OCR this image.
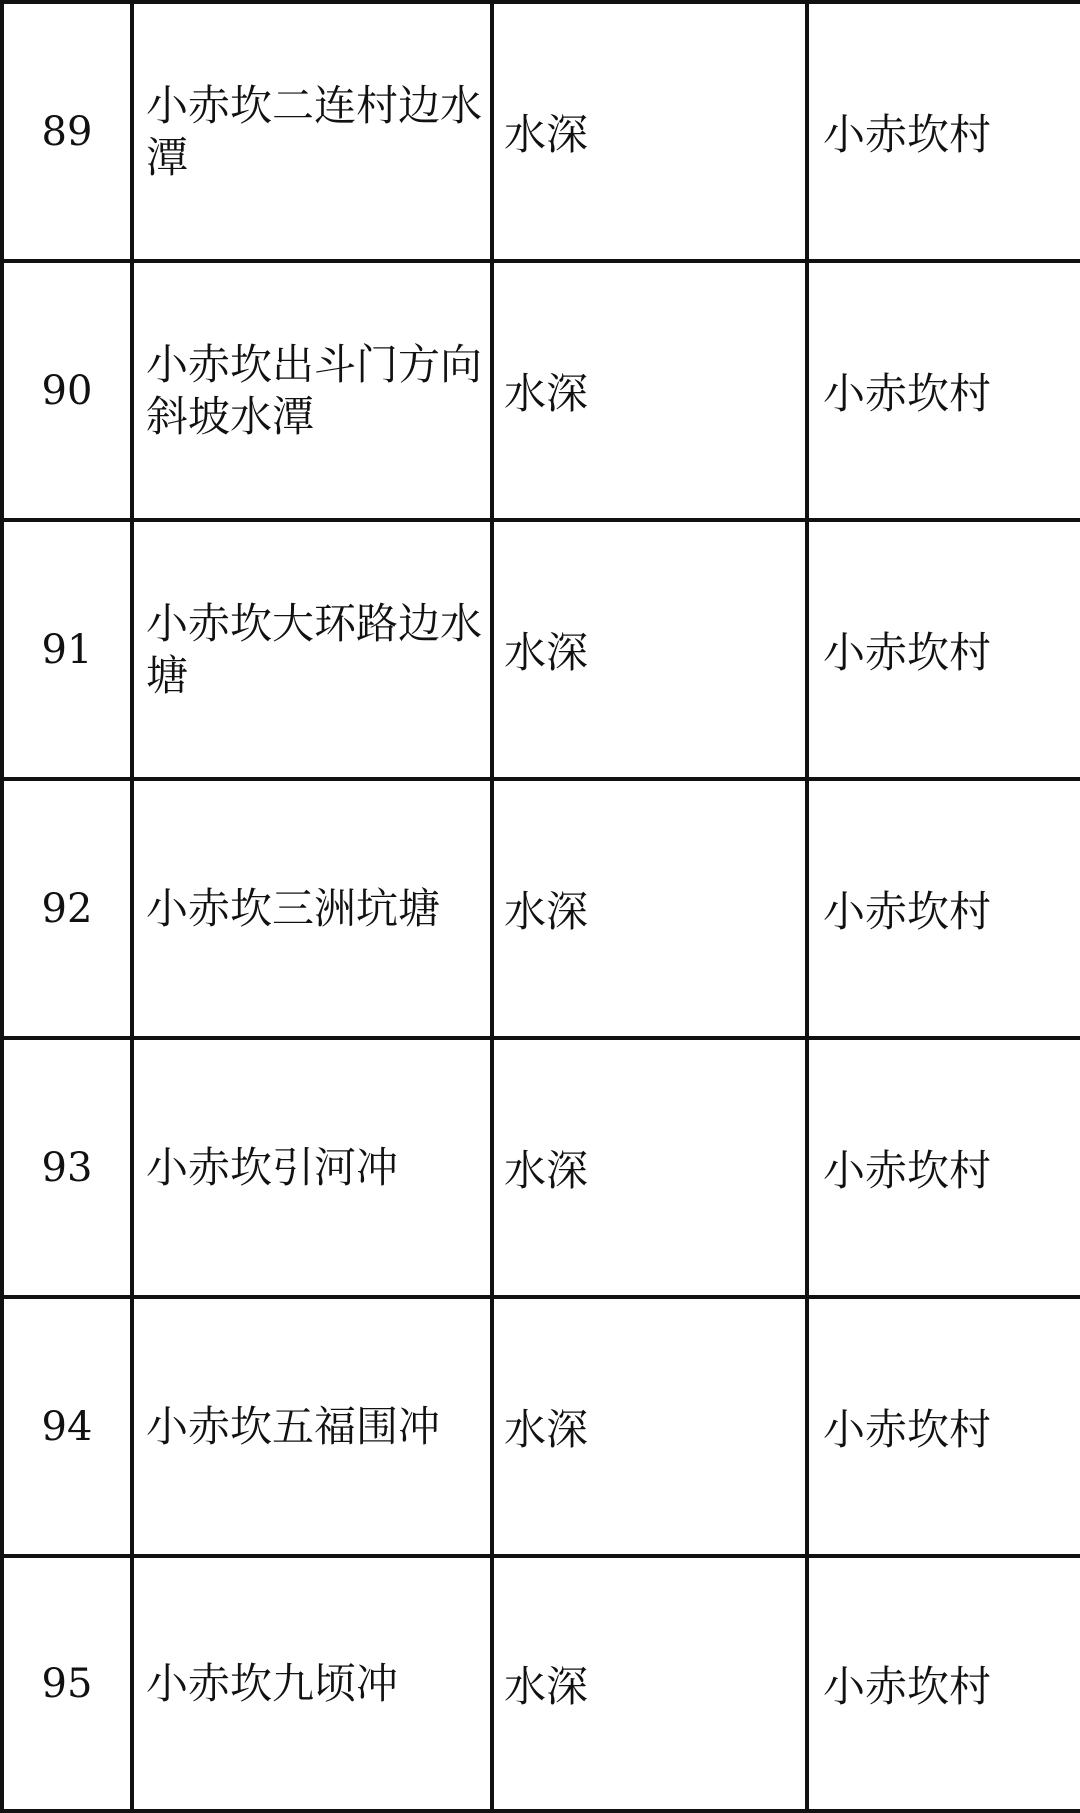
89	小赤坎二连村边水潭	水深	小赤坎村
90	小赤坎出斗门方向斜坡水潭	水深	小赤坎村
91	小赤坎大环路边水塘	水深	小赤坎村
92	小赤坎三洲坑塘	水深	小赤坎村
93	小赤坎引河冲	水深	小赤坎村
94	小赤坎五福围冲	水深	小赤坎村
95	小赤坎九顷冲	水深	小赤坎村
